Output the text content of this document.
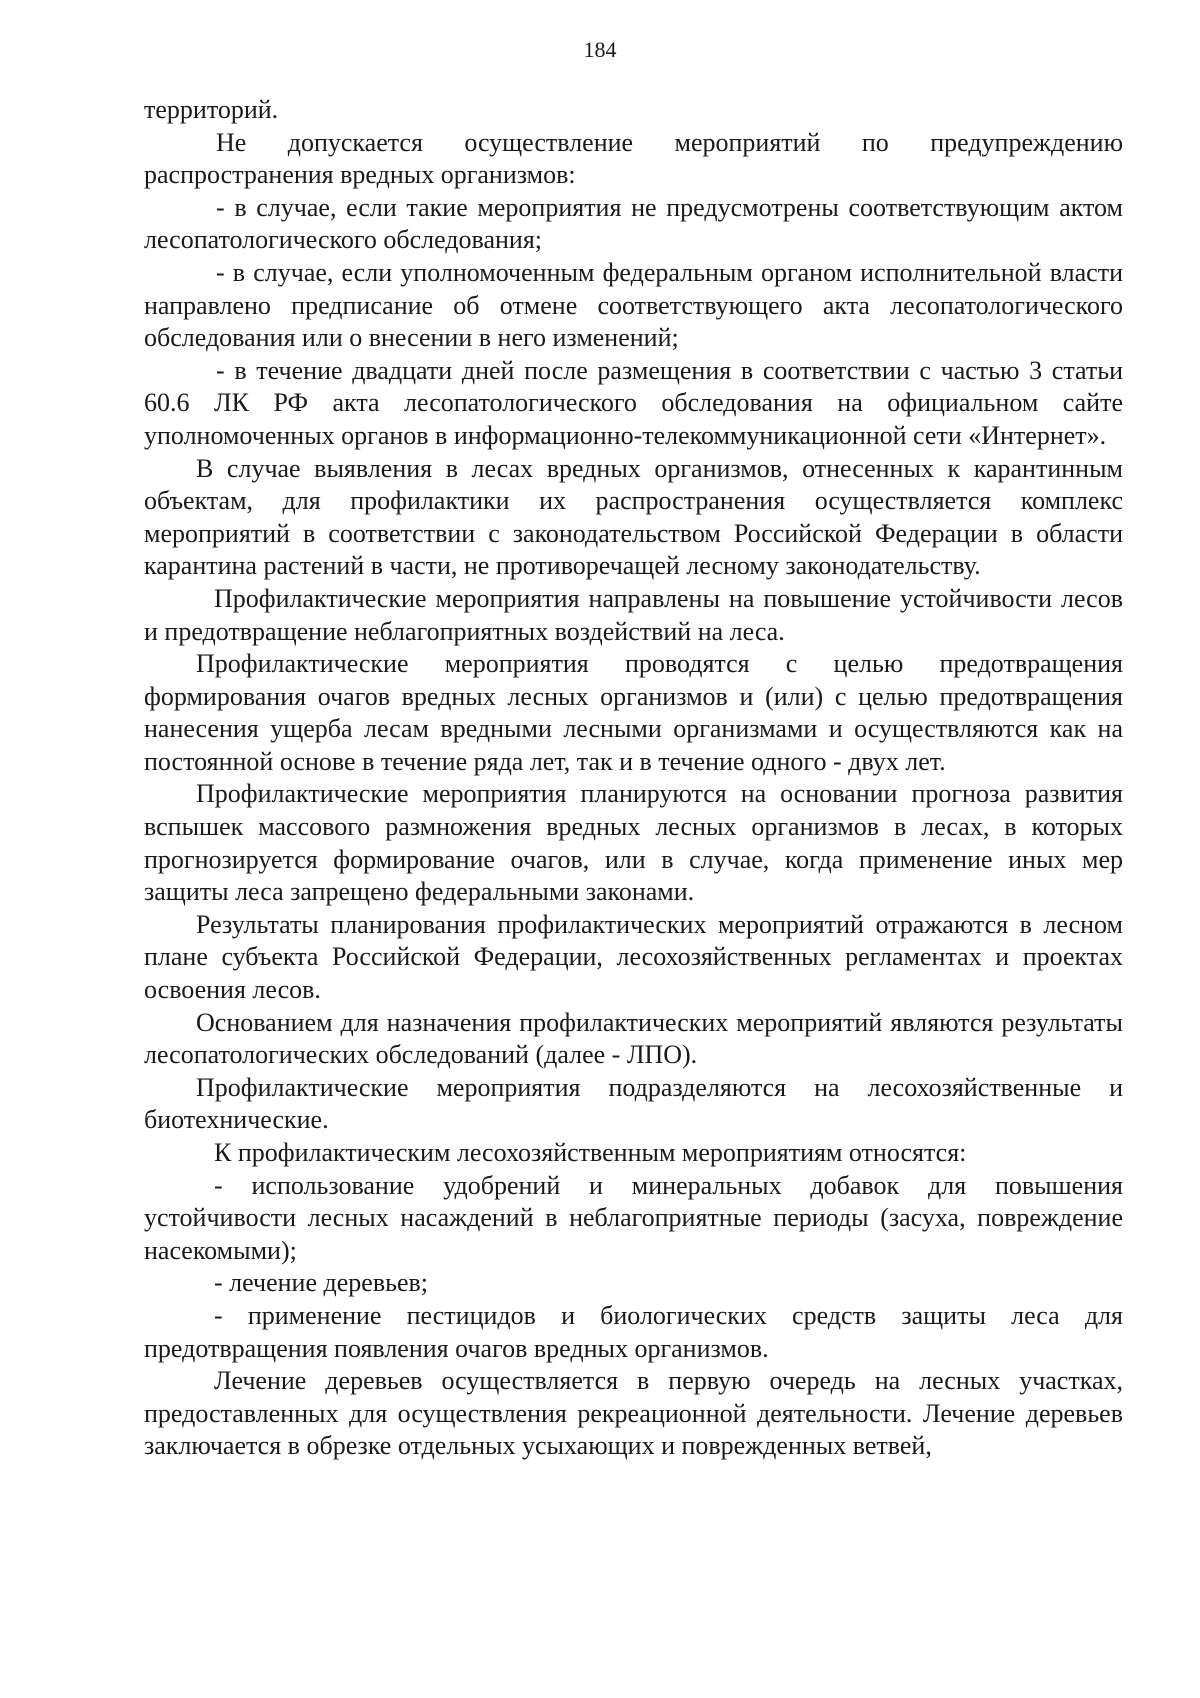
184

территорий.

Не допускается осуществление мероприятий по предупреждению распространения вредных организмов:

- в случае, если такие мероприятия не предусмотрены соответствующим актом лесопатологического обследования;

- в случае, если уполномоченным федеральным органом исполнительной власти направлено предписание об отмене соответствующего акта лесопатологического обследования или о внесении в него изменений;

- в течение двадцати дней после размещения в соответствии с частью 3 статьи 60.6 ЛК РФ акта лесопатологического обследования на официальном сайте уполномоченных органов в информационно-телекоммуникационной сети «Интернет».

В случае выявления в лесах вредных организмов, отнесенных к карантинным объектам, для профилактики их распространения осуществляется комплекс мероприятий в соответствии с законодательством Российской Федерации в области карантина растений в части, не противоречащей лесному законодательству.

Профилактические мероприятия направлены на повышение устойчивости лесов и предотвращение неблагоприятных воздействий на леса.

Профилактические мероприятия проводятся с целью предотвращения формирования очагов вредных лесных организмов и (или) с целью предотвращения нанесения ущерба лесам вредными лесными организмами и осуществляются как на постоянной основе в течение ряда лет, так и в течение одного - двух лет.

Профилактические мероприятия планируются на основании прогноза развития вспышек массового размножения вредных лесных организмов в лесах, в которых прогнозируется формирование очагов, или в случае, когда применение иных мер защиты леса запрещено федеральными законами.

Результаты планирования профилактических мероприятий отражаются в лесном плане субъекта Российской Федерации, лесохозяйственных регламентах и проектах освоения лесов.

Основанием для назначения профилактических мероприятий являются результаты лесопатологических обследований (далее - ЛПО).

Профилактические мероприятия подразделяются на лесохозяйственные и биотехнические.

К профилактическим лесохозяйственным мероприятиям относятся:

- использование удобрений и минеральных добавок для повышения устойчивости лесных насаждений в неблагоприятные периоды (засуха, повреждение насекомыми);

- лечение деревьев;

- применение пестицидов и биологических средств защиты леса для предотвращения появления очагов вредных организмов.

Лечение деревьев осуществляется в первую очередь на лесных участках, предоставленных для осуществления рекреационной деятельности. Лечение деревьев заключается в обрезке отдельных усыхающих и поврежденных ветвей,
